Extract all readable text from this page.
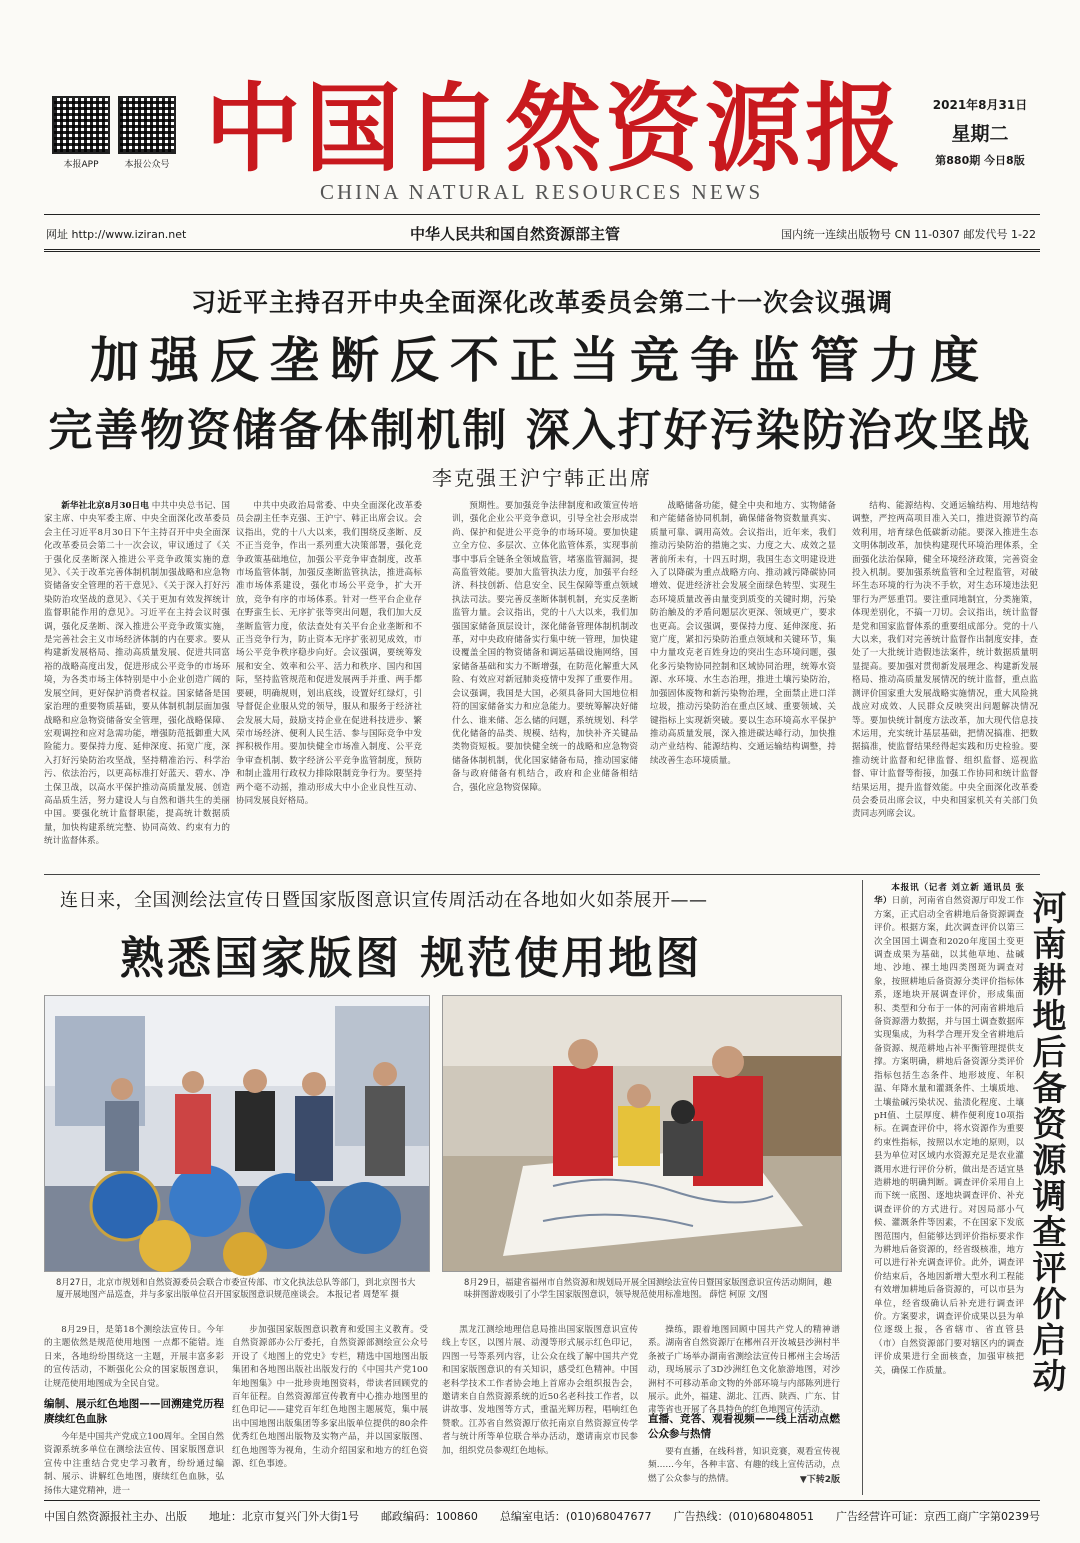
本报APP	本报公众号 中国自然资源报
CHINA NATURAL RESOURCES NEWS
2021年8月31日
星期二
第880期 今日8版
网址 http://www.iziran.net	中华人民共和国自然资源部主管	国内统一连续出版物号 CN 11-0307 邮发代号 1-22
习近平主持召开中央全面深化改革委员会第二十一次会议强调
加强反垄断反不正当竞争监管力度
完善物资储备体制机制 深入打好污染防治攻坚战
李克强王沪宁韩正出席

新华社北京8月30日电 中共中央总书记、国家主席、中央军委主席、中央全面深化改革委员会主任习近平8月30日下午主持召开中央全面深化改革委员会第二十一次会议，审议通过了《关于强化反垄断深入推进公平竞争政策实施的意见》、《关于改革完善体制机制加强战略和应急物资储备安全管理的若干意见》、《关于深入打好污染防治攻坚战的意见》、《关于更加有效发挥统计监督职能作用的意见》。习近平在主持会议时强调，强化反垄断、深入推进公平竞争政策实施，是完善社会主义市场经济体制的内在要求。要从构建新发展格局、推动高质量发展、促进共同富裕的战略高度出发，促进形成公平竞争的市场环境，为各类市场主体特别是中小企业创造广阔的发展空间，更好保护消费者权益。国家储备是国家治理的重要物质基础，要从体制机制层面加强战略和应急物资储备安全管理，强化战略保障、宏观调控和应对急需功能，增强防范抵御重大风险能力。要保持力度、延伸深度、拓宽广度，深入打好污染防治攻坚战，坚持精准治污、科学治污、依法治污，以更高标准打好蓝天、碧水、净土保卫战，以高水平保护推动高质量发展、创造高品质生活，努力建设人与自然和谐共生的美丽中国。要强化统计监督职能，提高统计数据质量，加快构建系统完整、协同高效、约束有力的统计监督体系。

中共中央政治局常委、中央全面深化改革委员会副主任李克强、王沪宁、韩正出席会议。会议指出，党的十八大以来，我们围绕反垄断、反不正当竞争，作出一系列重大决策部署，强化竞争政策基础地位，加强公平竞争审查制度，改革市场监管体制，加强反垄断监管执法，推进高标准市场体系建设，强化市场公平竞争，扩大开放，竞争有序的市场体系。针对一些平台企业存在野蛮生长、无序扩张等突出问题，我们加大反垄断监管力度，依法查处有关平台企业垄断和不正当竞争行为，防止资本无序扩张初见成效，市场公平竞争秩序稳步向好。会议强调，要统筹发展和安全、效率和公平、活力和秩序、国内和国际，坚持监管规范和促进发展两手并重、两手都要硬，明确规则，划出底线，设置好红绿灯，引导督促企业服从党的领导，服从和服务于经济社会发展大局，鼓励支持企业在促进科技进步、繁荣市场经济、便利人民生活、参与国际竞争中发挥积极作用。要加快健全市场准入制度、公平竞争审查机制、数字经济公平竞争监管制度，预防和制止滥用行政权力排除限制竞争行为。要坚持两个毫不动摇，推动形成大中小企业良性互动、协同发展良好格局。

预期性。要加强竞争法律制度和政策宣传培训，强化企业公平竞争意识，引导全社会形成崇尚、保护和促进公平竞争的市场环境。要加快建立全方位、多层次、立体化监管体系，实现事前事中事后全链条全领域监管，堵塞监管漏洞，提高监管效能。要加大监管执法力度，加强平台经济、科技创新、信息安全、民生保障等重点领域执法司法。要完善反垄断体制机制，充实反垄断监管力量。会议指出，党的十八大以来，我们加强国家储备顶层设计，深化储备管理体制机制改革，对中央政府储备实行集中统一管理，加快建设覆盖全国的物资储备和调运基础设施网络，国家储备基础和实力不断增强，在防范化解重大风险、有效应对新冠肺炎疫情中发挥了重要作用。会议强调，我国是大国，必须具备同大国地位相符的国家储备实力和应急能力。要统筹解决好储什么、谁来储、怎么储的问题，系统规划、科学优化储备的品类、规模、结构，加快补齐关键品类物资短板。要加快健全统一的战略和应急物资储备体制机制，优化国家储备布局，推动国家储备与政府储备有机结合，政府和企业储备相结合，强化应急物资保障。

战略储备功能，健全中央和地方、实物储备和产能储备协同机制，确保储备物资数量真实、质量可靠、调用高效。会议指出，近年来，我们推动污染防治的措施之实、力度之大、成效之显著前所未有，十四五时期，我国生态文明建设进入了以降碳为重点战略方向、推动减污降碳协同增效、促进经济社会发展全面绿色转型、实现生态环境质量改善由量变到质变的关键时期，污染防治触及的矛盾问题层次更深、领域更广，要求也更高。会议强调，要保持力度、延伸深度、拓宽广度，紧扣污染防治重点领域和关键环节，集中力量攻克老百姓身边的突出生态环境问题，强化多污染物协同控制和区域协同治理，统筹水资源、水环境、水生态治理，推进土壤污染防治，加强固体废物和新污染物治理，全面禁止进口洋垃圾，推动污染防治在重点区域、重要领域、关键指标上实现新突破。要以生态环境高水平保护推动高质量发展，深入推进碳达峰行动，加快推动产业结构、能源结构、交通运输结构调整，持续改善生态环境质量。

结构、能源结构、交通运输结构、用地结构调整，严控两高项目准入关口，推进资源节约高效利用，培育绿色低碳新动能。要深入推进生态文明体制改革，加快构建现代环境治理体系，全面强化法治保障，健全环境经济政策，完善资金投入机制。要加强系统监管和全过程监管，对破坏生态环境的行为决不手软，对生态环境违法犯罪行为严惩重罚。要注重同地制宜，分类施策，体现差别化，不搞一刀切。会议指出，统计监督是党和国家监督体系的重要组成部分。党的十八大以来，我们对完善统计监督作出制度安排，查处了一大批统计造假违法案件，统计数据质量明显提高。要加强对贯彻新发展理念、构建新发展格局、推动高质量发展情况的统计监督，重点监测评价国家重大发展战略实施情况，重大风险挑战应对成效、人民群众反映突出问题解决情况等。要加快统计制度方法改革，加大现代信息技术运用，充实统计基层基础，把情况搞准、把数据搞准，使监督结果经得起实践和历史检验。要推动统计监督和纪律监督、组织监督、巡视监督、审计监督等衔接，加强工作协同和统计监督结果运用，提升监督效能。中央全面深化改革委员会委员出席会议，中央和国家机关有关部门负责同志列席会议。

连日来，全国测绘法宣传日暨国家版图意识宣传周活动在各地如火如荼展开——
熟悉国家版图 规范使用地图
8月27日，北京市规划和自然资源委员会联合市委宣传部、市文化执法总队等部门，到北京图书大厦开展地图产品巡查，并与多家出版单位召开国家版图意识规范座谈会。 本报记者 周楚军 摄
8月29日，福建省福州市自然资源和规划局开展全国测绘法宣传日暨国家版图意识宣传活动期间，趣味拼图游戏吸引了小学生国家版图意识，领导规范使用标准地图。 薛恺 柯原 文/图

8月29日，是第18个测绘法宣传日。今年的主题依然是规范使用地图 一点都不能错。连日来，各地纷纷围绕这一主题，开展丰富多彩的宣传活动，不断强化公众的国家版图意识，让规范使用地图成为全民自觉。

编制、展示红色地图——回溯建党历程赓续红色血脉

今年是中国共产党成立100周年。全国自然资源系统多单位在测绘法宣传、国家版图意识宣传中注重结合党史学习教育，纷纷通过编制、展示、讲解红色地图，赓续红色血脉，弘扬伟大建党精神，进一

步加强国家版图意识教育和爱国主义教育。受自然资源部办公厅委托，自然资源部测绘宣公众号开设了《地图上的党史》专栏，精选中国地图出版集团和各地图出版社出版发行的《中国共产党100年地图集》中一批珍贵地图资料，带读者回顾党的百年征程。自然资源部宣传教育中心推办地图里的红色印记——建党百年红色地图主题展览，集中展出中国地图出版集团等多家出版单位提供的80余件优秀红色地图出版物及实物产品，并以国家版图、红色地图等为视角，生动介绍国家和地方的红色资源、红色事迹。

黑龙江测绘地理信息局推出国家版图意识宣传线上专区，以图片展、动漫等形式展示红色印记，四图一号等系列内容，让公众在线了解中国共产党和国家版图意识的有关知识，感受红色精神。中国老科学技术工作者协会地上首席办会组织报告会，邀请来自自然资源系统的近50名老科技工作者，以讲故事、发地图等方式，重温光辉历程，唱响红色赞歌。江苏省自然资源厅依托南京自然资源宣传学者与统计所等单位联合举办活动，邀请南京市民参加，组织党员参观红色地标。

操练，跟着地图回顾中国共产党人的精神谱系。湖南省自然资源厅在郴州召开汝城县沙洲村半条被子广场举办湖南省测绘法宣传日郴州主会场活动，现场展示了3D沙洲红色文化旅游地图，对沙洲村不可移动革命文物的外部环境与内部陈列进行展示。此外，福建、湖北、江西、陕西、广东、甘肃等省也开展了各具特色的红色地图宣传活动。

直播、竞答、观看视频——线上活动点燃公众参与热情

要有直播，在线科普，知识竞赛，观看宣传视频……今年，各种丰富、有趣的线上宣传活动，点燃了公众参与的热情。	▼下转2版

本报讯（记者 刘立新 通讯员 张华）日前，河南省自然资源厅印发工作方案，正式启动全省耕地后备资源调查评价。根据方案，此次调查评价以第三次全国国土调查和2020年度国土变更调查成果为基础，以其他草地、盐碱地、沙地、裸土地四类图斑为调查对象，按照耕地后备资源分类评价指标体系，逐地块开展调查评价，形成集面积、类型和分布于一体的河南省耕地后备资源潜力数据，并与国土调查数据库实现集成，为科学合理开发全省耕地后备资源、规范耕地占补平衡管理提供支撑。方案明确，耕地后备资源分类评价指标包括生态条件、地形坡度、年积温、年降水量和灌溉条件、土壤质地、土壤盐碱污染状况、盐渍化程度、土壤pH值、土层厚度、耕作便利度10项指标。在调查评价中，将水资源作为重要约束性指标，按照以水定地的原则，以县为单位对区域内水资源充足是农业灌溉用水进行评价分析，做出是否适宜垦造耕地的明确判断。调查评价采用自上而下统一底图、逐地块调查评价、补充调查评价的方式进行。对因局部小气候、灌溉条件等因素，不在国家下发底图范围内，但能够达到评价指标要求作为耕地后备资源的，经省级核准，地方可以进行补充调查评价。此外，调查评价结束后，各地因新增大型水利工程能有效增加耕地后备资源的，可以市县为单位，经省级确认后补充进行调查评价。方案要求，调查评价成果以县为单位逐级上报，各省辖市、省直管县（市）自然资源部门要对辖区内的调查评价成果进行全面核查，加强审核把关，确保工作质量。	河南耕地后备资源调查评价启动
中国自然资源报社主办、出版 地址：北京市复兴门外大街1号 邮政编码：100860 总编室电话：(010)68047677 广告热线：(010)68048051 广告经营许可证：京西工商广字第0239号
